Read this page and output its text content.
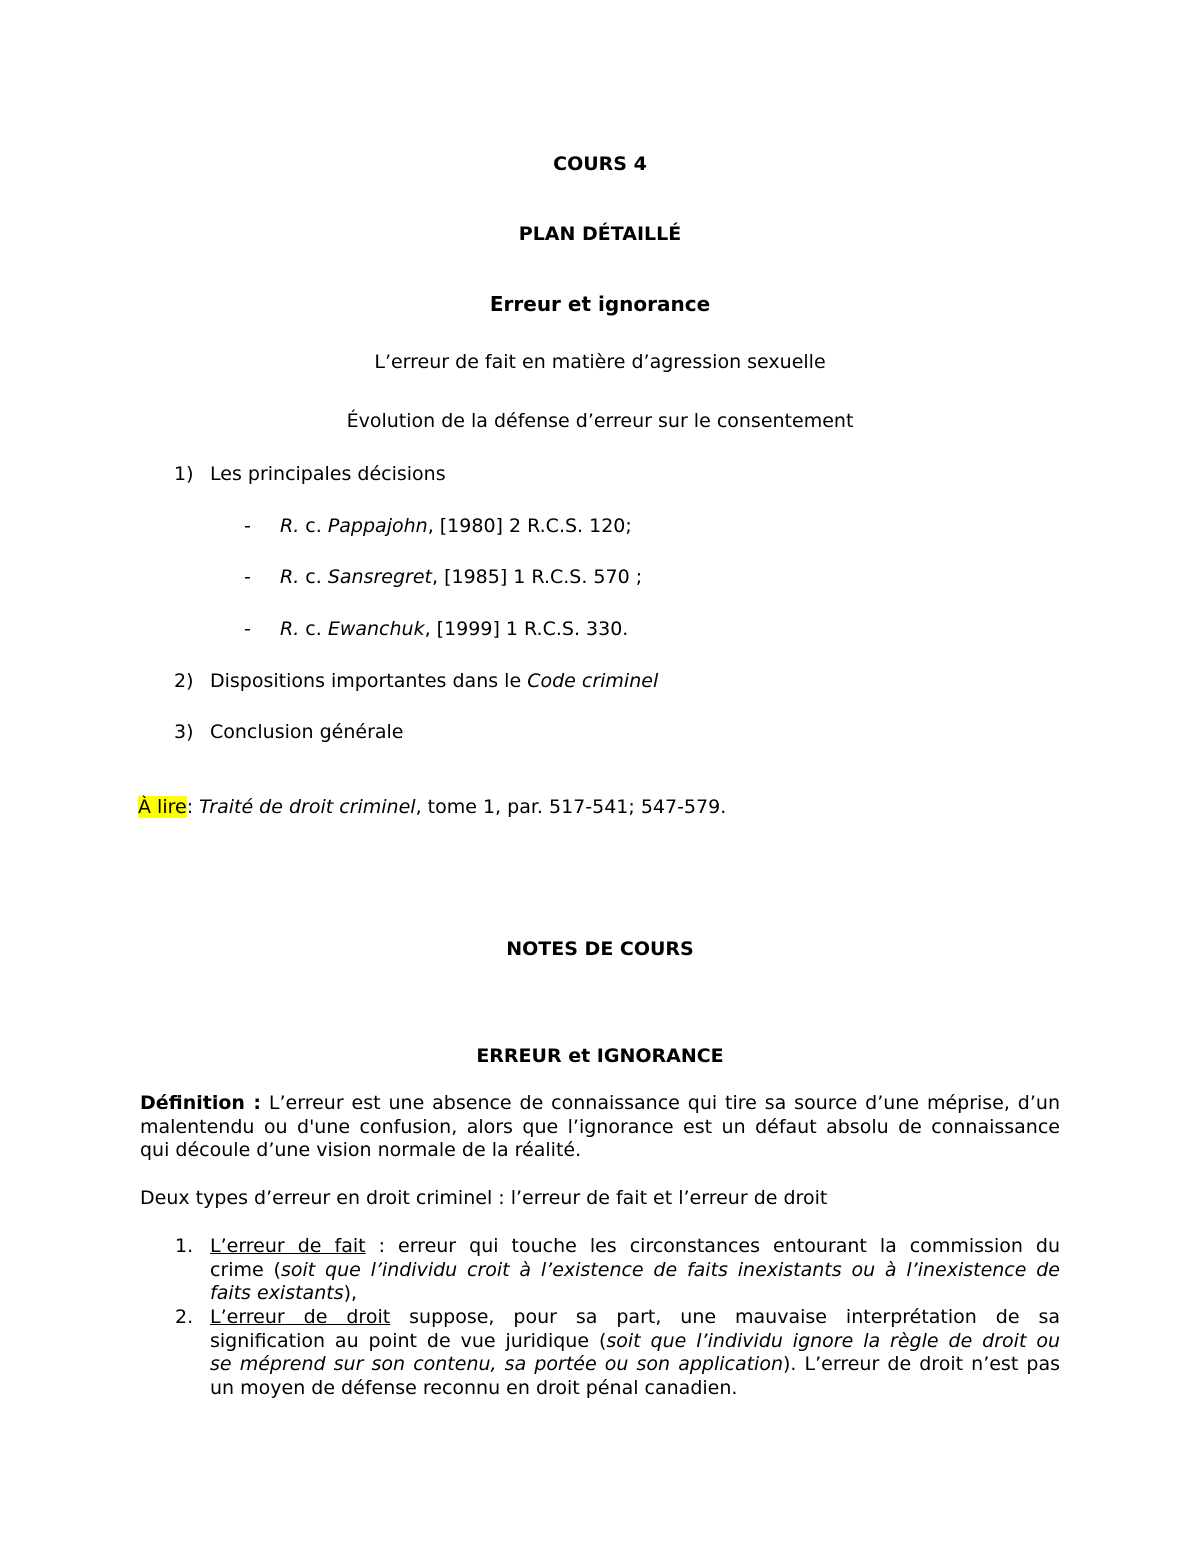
COURS 4
PLAN DÉTAILLÉ
Erreur et ignorance
L’erreur de fait en matière d’agression sexuelle
Évolution de la défense d’erreur sur le consentement
1) Les principales décisions
- R. c. Pappajohn, [1980] 2 R.C.S. 120;
- R. c. Sansregret, [1985] 1 R.C.S. 570 ;
- R. c. Ewanchuk, [1999] 1 R.C.S. 330.
2) Dispositions importantes dans le Code criminel
3) Conclusion générale
À lire: Traité de droit criminel, tome 1, par. 517-541; 547-579.
NOTES DE COURS
ERREUR et IGNORANCE
Définition : L’erreur est une absence de connaissance qui tire sa source d’une méprise, d’un
malentendu ou d'une confusion, alors que l’ignorance est un défaut absolu de connaissance
qui découle d’une vision normale de la réalité.
Deux types d’erreur en droit criminel : l’erreur de fait et l’erreur de droit
1. L’erreur de fait : erreur qui touche les circonstances entourant la commission du
crime (soit que l’individu croit à l’existence de faits inexistants ou à l’inexistence de
faits existants),
2. L’erreur de droit suppose, pour sa part, une mauvaise interprétation de sa
signification au point de vue juridique (soit que l’individu ignore la règle de droit ou
se méprend sur son contenu, sa portée ou son application). L’erreur de droit n’est pas
un moyen de défense reconnu en droit pénal canadien.
